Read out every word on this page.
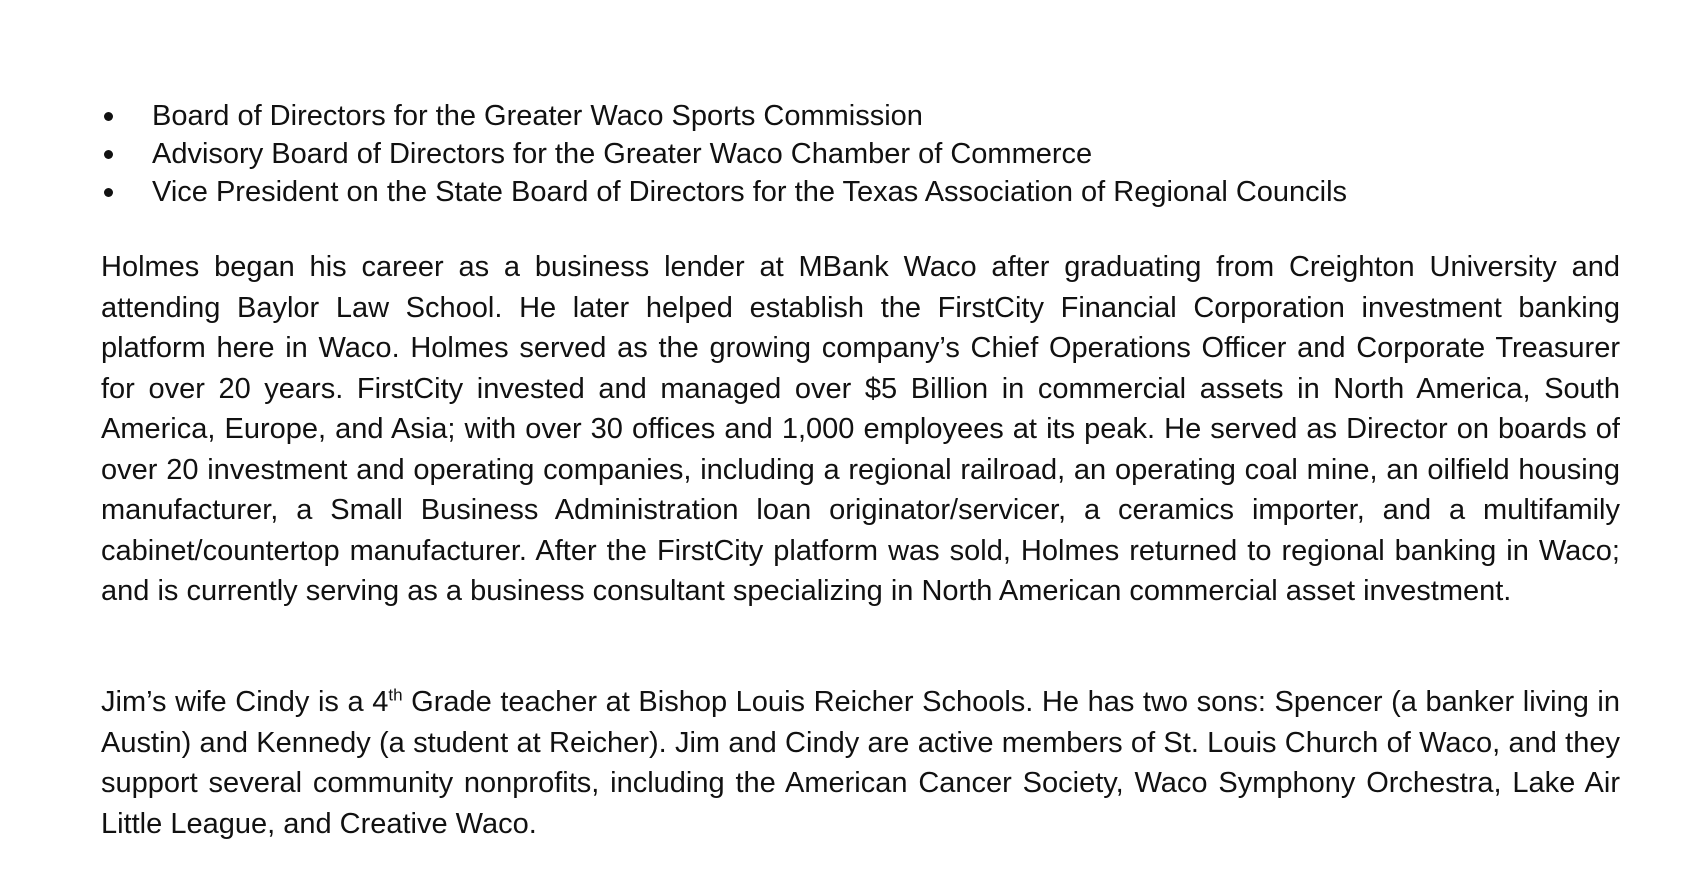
Board of Directors for the Greater Waco Sports Commission
Advisory Board of Directors for the Greater Waco Chamber of Commerce
Vice President on the State Board of Directors for the Texas Association of Regional Councils

Holmes began his career as a business lender at MBank Waco after graduating from Creighton University and attending Baylor Law School. He later helped establish the FirstCity Financial Corporation investment banking platform here in Waco. Holmes served as the growing company’s Chief Operations Officer and Corporate Treasurer for over 20 years. FirstCity invested and managed over $5 Billion in commercial assets in North America, South America, Europe, and Asia; with over 30 offices and 1,000 employees at its peak. He served as Director on boards of over 20 investment and operating companies, including a regional railroad, an operating coal mine, an oilfield housing manufacturer, a Small Business Administration loan originator/servicer, a ceramics importer, and a multifamily cabinet/countertop manufacturer. After the FirstCity platform was sold, Holmes returned to regional banking in Waco; and is currently serving as a business consultant specializing in North American commercial asset investment.

Jim’s wife Cindy is a 4th Grade teacher at Bishop Louis Reicher Schools. He has two sons: Spencer (a banker living in Austin) and Kennedy (a student at Reicher). Jim and Cindy are active members of St. Louis Church of Waco, and they support several community nonprofits, including the American Cancer Society, Waco Symphony Orchestra, Lake Air Little League, and Creative Waco.
